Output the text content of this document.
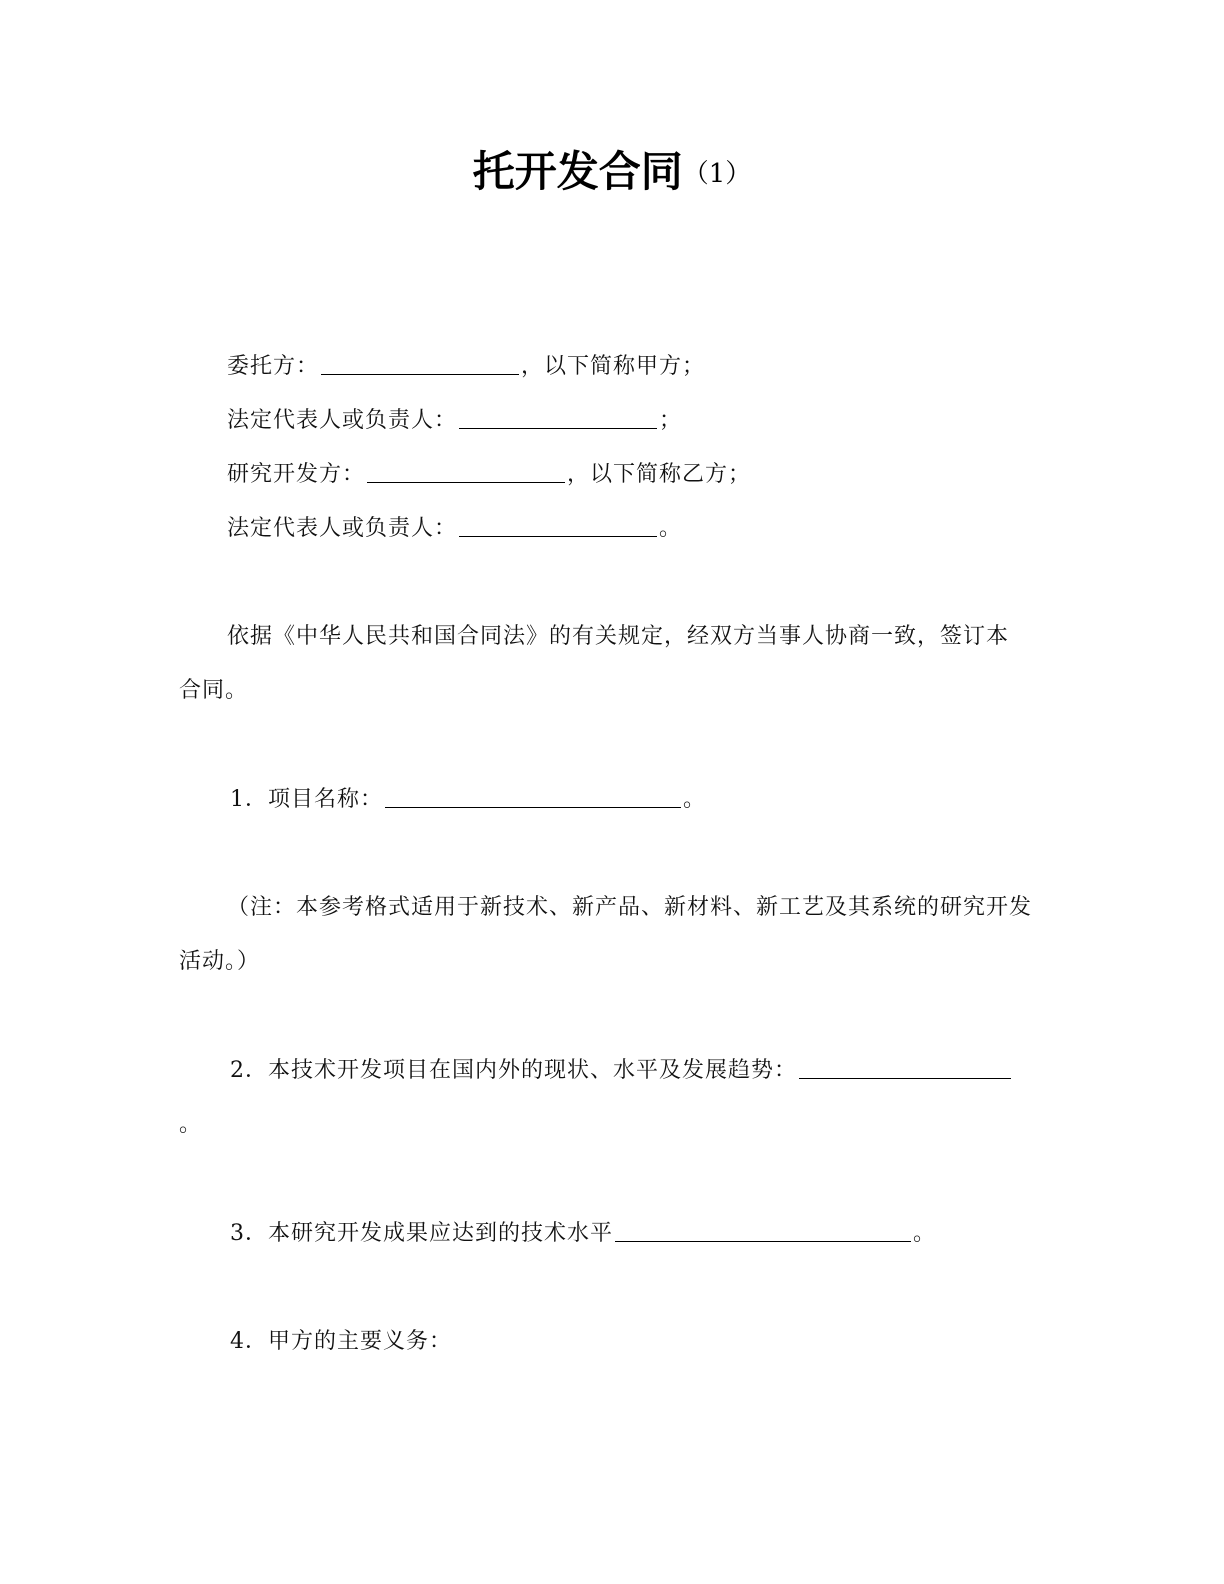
托开发合同（1）
委托方：	，以下简称甲方；
法定代表人或负责人：	；
研究开发方：	，以下简称乙方；
法定代表人或负责人：	。
依据《中华人民共和国合同法》的有关规定，经双方当事人协商一致，签订本
合同。
1．项目名称：	。
（注：本参考格式适用于新技术、新产品、新材料、新工艺及其系统的研究开发
活动。）
2．本技术开发项目在国内外的现状、水平及发展趋势：
。
3．本研究开发成果应达到的技术水平	。
4．甲方的主要义务：
